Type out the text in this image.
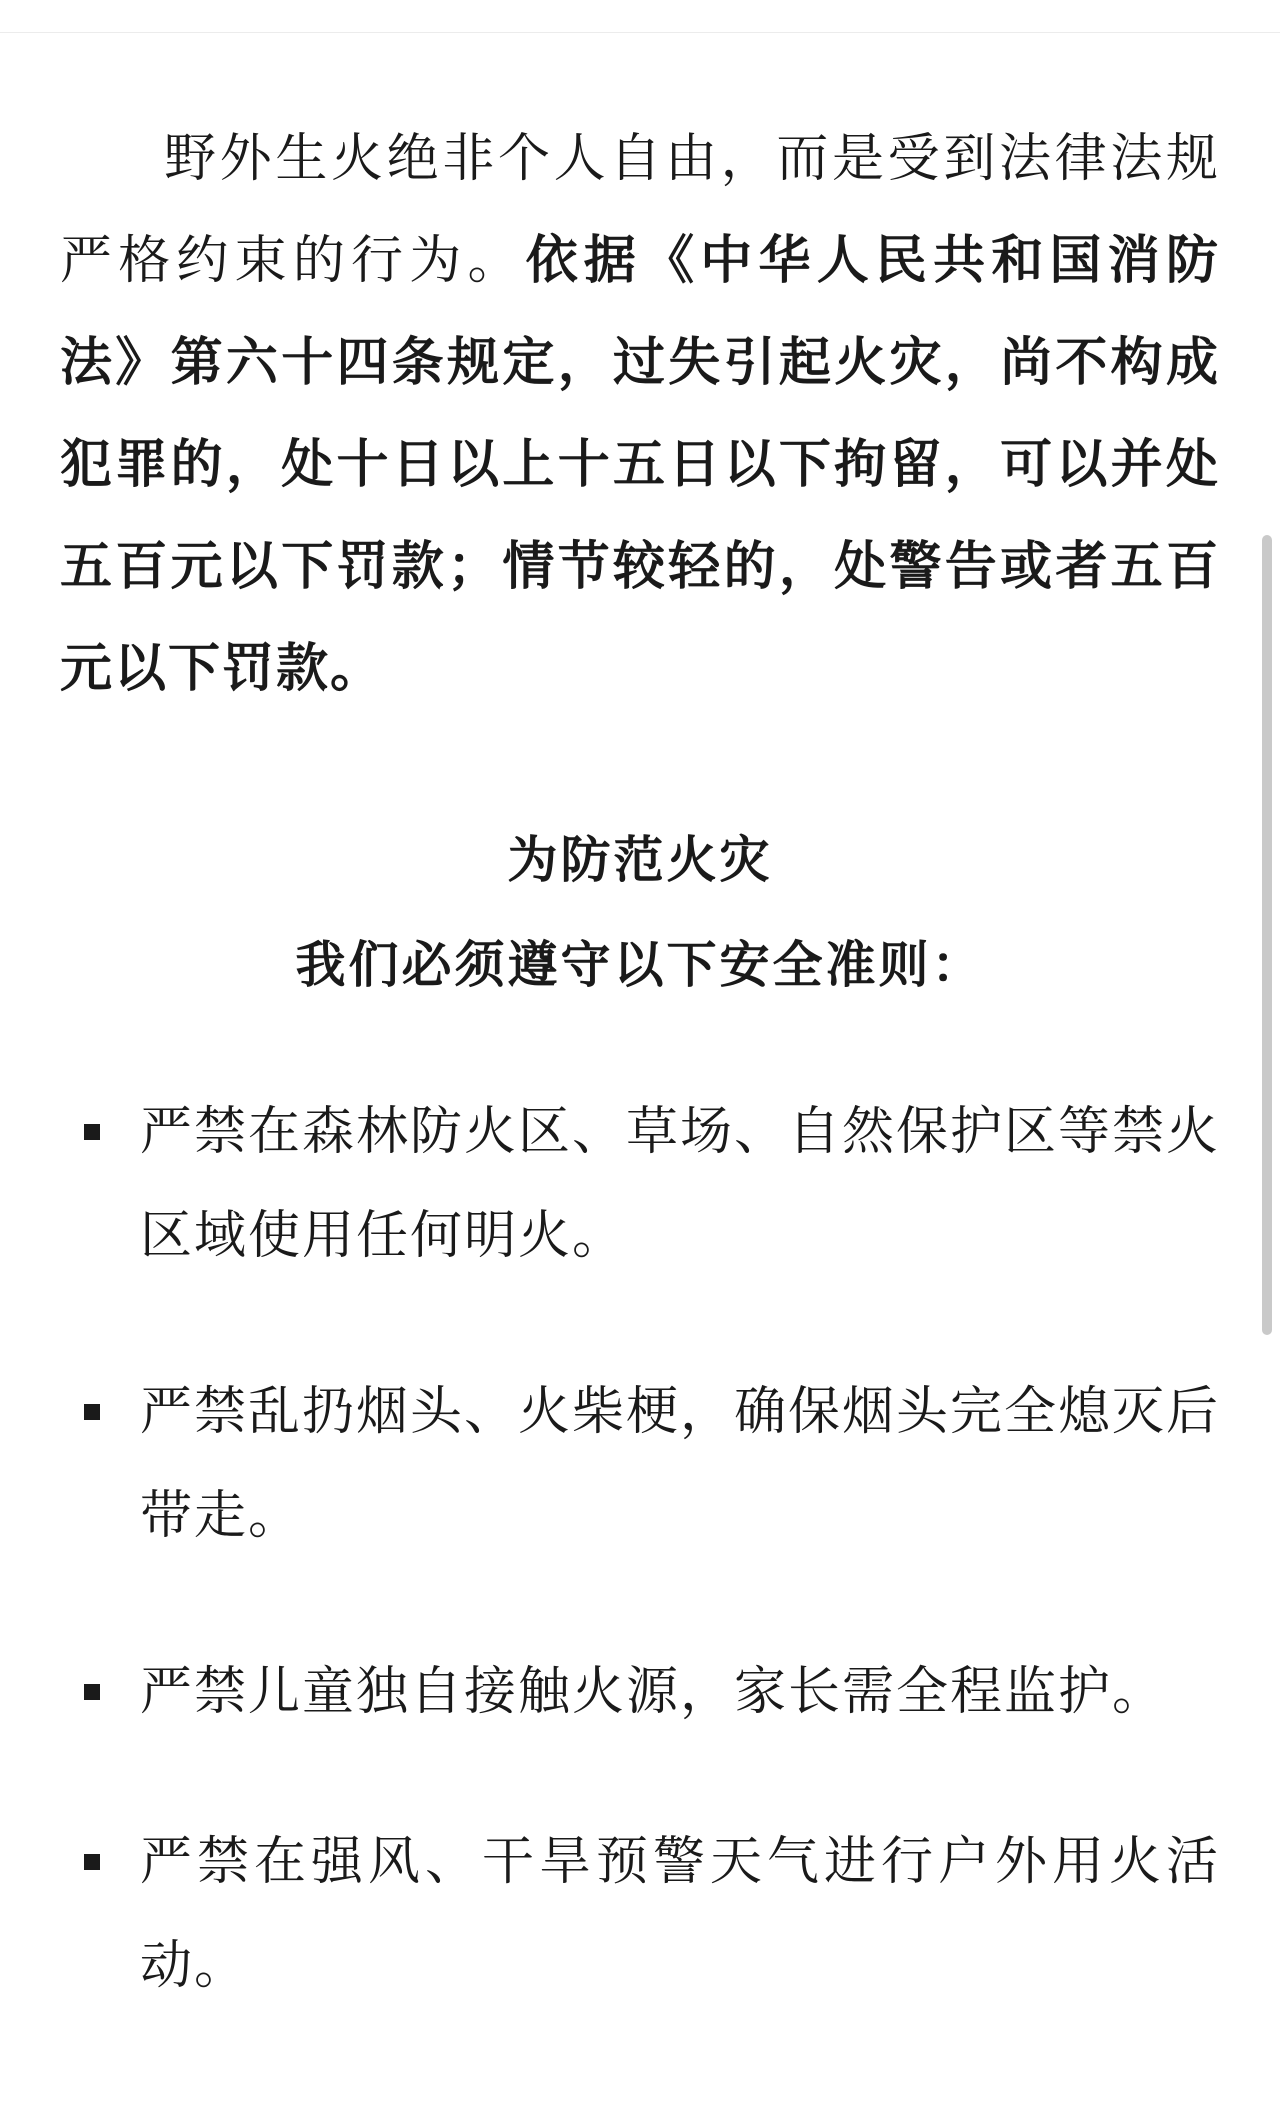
野外生火绝非个人自由，而是受到法律法规严格约束的行为。依据《中华人民共和国消防法》第六十四条规定，过失引起火灾，尚不构成犯罪的，处十日以上十五日以下拘留，可以并处五百元以下罚款；情节较轻的，处警告或者五百元以下罚款。

为防范火灾
我们必须遵守以下安全准则：

严禁在森林防火区、草场、自然保护区等禁火区域使用任何明火。

严禁乱扔烟头、火柴梗，确保烟头完全熄灭后带走。

严禁儿童独自接触火源，家长需全程监护。

严禁在强风、干旱预警天气进行户外用火活动。
